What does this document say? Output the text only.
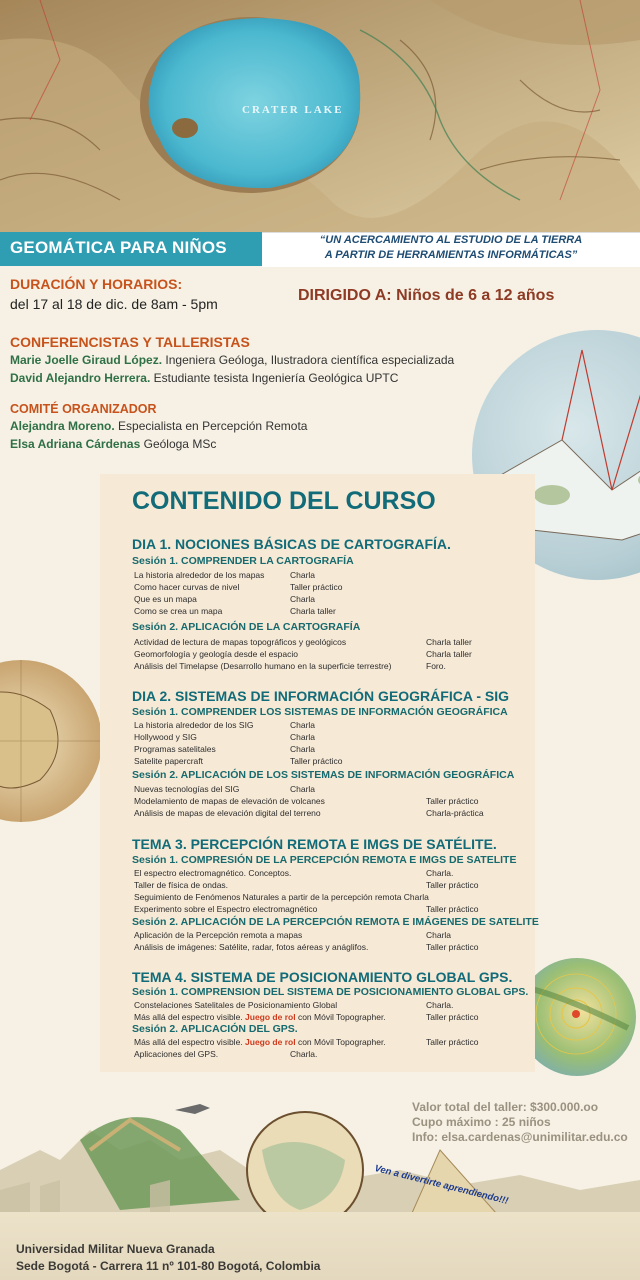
CRATER LAKE
GEOMÁTICA PARA NIÑOS	“UN ACERCAMIENTO AL ESTUDIO DE LA TIERRA
A PARTIR DE HERRAMIENTAS INFORMÁTICAS”
DURACIÓN Y HORARIOS:
del 17 al 18 de dic. de 8am - 5pm	DIRIGIDO A: Niños de 6 a 12 años
CONFERENCISTAS Y TALLERISTAS
Marie Joelle Giraud López. Ingeniera Geóloga, Ilustradora científica especializada
David Alejandro Herrera. Estudiante tesista Ingeniería Geológica UPTC
COMITÉ ORGANIZADOR
Alejandra Moreno. Especialista en Percepción Remota
Elsa Adriana Cárdenas Geóloga MSc
CONTENIDO DEL CURSO
DIA 1. NOCIONES BÁSICAS DE CARTOGRAFÍA.
Sesión 1. COMPRENDER LA CARTOGRAFÍA
La historia alrededor de los mapas	Charla
Como hacer curvas de nivel	Taller práctico
Que es un mapa	Charla
Como se crea un mapa	Charla taller
Sesión 2. APLICACIÓN DE LA CARTOGRAFÍA
Actividad de lectura de mapas topográficos y geológicos	Charla taller
Geomorfología y geología desde el espacio	Charla taller
Análisis del Timelapse (Desarrollo humano en la superficie terrestre)	Foro.
DIA 2. SISTEMAS DE INFORMACIÓN GEOGRÁFICA - SIG
Sesión 1. COMPRENDER LOS SISTEMAS DE INFORMACIÓN GEOGRÁFICA
La historia alrededor de los SIG	Charla
Hollywood y SIG	Charla
Programas satelitales	Charla
Satelite papercraft	Taller práctico
Sesión 2. APLICACIÓN DE LOS SISTEMAS DE INFORMACIÓN GEOGRÁFICA
Nuevas tecnologías del SIG	Charla
Modelamiento de mapas de elevación de volcanes	Taller práctico
Análisis de mapas de elevación digital del terreno	Charla-práctica
TEMA 3. PERCEPCIÓN REMOTA E IMGS DE SATÉLITE.
Sesión 1. COMPRESIÓN DE LA PERCEPCIÓN REMOTA E IMGS DE SATELITE
El espectro electromagnético. Conceptos.	Charla.
Taller de física de ondas.	Taller práctico
Seguimiento de Fenómenos Naturales a partir de la percepción remota Charla
Experimento sobre el Espectro electromagnético	Taller práctico
Sesión 2. APLICACIÓN DE LA PERCEPCIÓN REMOTA E IMÁGENES DE SATELITE
Aplicación de la Percepción remota a mapas	Charla
Análisis de imágenes: Satélite, radar, fotos aéreas y anáglifos.	Taller práctico
TEMA 4. SISTEMA DE POSICIONAMIENTO GLOBAL GPS.
Sesión 1. COMPRENSION DEL SISTEMA DE POSICIONAMIENTO GLOBAL GPS.
Constelaciones Satelitales de Posicionamiento Global	Charla.
Más allá del espectro visible. Juego de rol con Móvil Topographer.	Taller práctico
Sesión 2. APLICACIÓN DEL GPS.
Más allá del espectro visible. Juego de rol con Móvil Topographer.	Taller práctico
Aplicaciones del GPS.	Charla.
Valor total del taller: $300.000.oo
Cupo máximo : 25 niños
Info: elsa.cardenas@unimilitar.edu.co
Ven a divertirte aprendiendo!!!
Universidad Militar Nueva Granada
Sede Bogotá - Carrera 11 nº 101-80 Bogotá, Colombia
